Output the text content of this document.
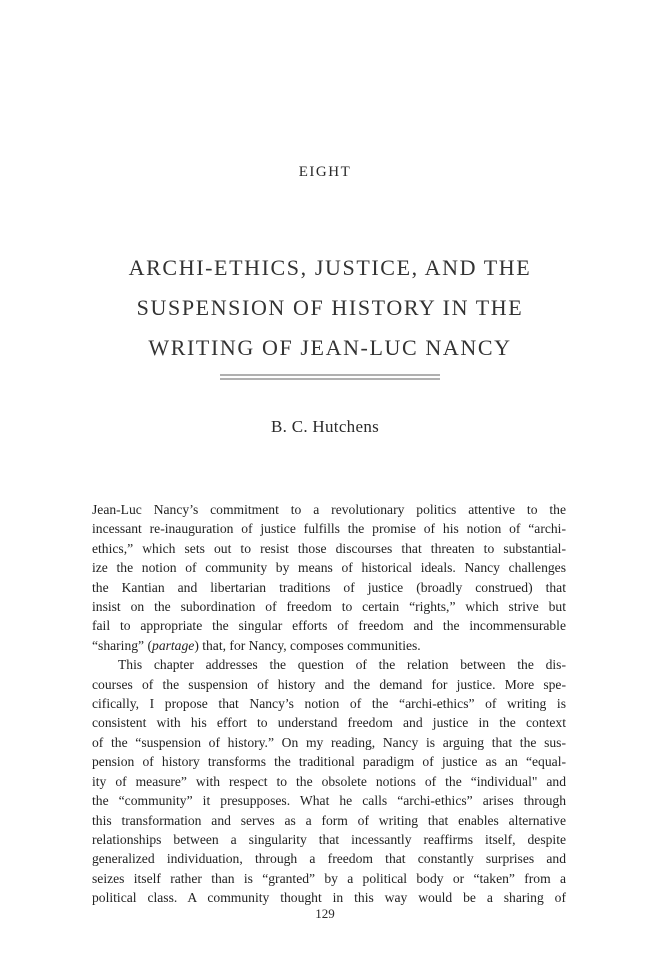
EIGHT
ARCHI-ETHICS, JUSTICE, AND THE
SUSPENSION OF HISTORY IN THE
WRITING OF JEAN-LUC NANCY
B. C. Hutchens
Jean-Luc Nancy’s commitment to a revolutionary politics attentive to the
incessant re-inauguration of justice fulfills the promise of his notion of “archi-
ethics,” which sets out to resist those discourses that threaten to substantial-
ize the notion of community by means of historical ideals. Nancy challenges
the Kantian and libertarian traditions of justice (broadly construed) that
insist on the subordination of freedom to certain “rights,” which strive but
fail to appropriate the singular efforts of freedom and the incommensurable
“sharing” (partage) that, for Nancy, composes communities.
This chapter addresses the question of the relation between the dis-
courses of the suspension of history and the demand for justice. More spe-
cifically, I propose that Nancy’s notion of the “archi-ethics” of writing is
consistent with his effort to understand freedom and justice in the context
of the “suspension of history.” On my reading, Nancy is arguing that the sus-
pension of history transforms the traditional paradigm of justice as an “equal-
ity of measure” with respect to the obsolete notions of the “individual" and
the “community” it presupposes. What he calls “archi-ethics” arises through
this transformation and serves as a form of writing that enables alternative
relationships between a singularity that incessantly reaffirms itself, despite
generalized individuation, through a freedom that constantly surprises and
seizes itself rather than is “granted” by a political body or “taken” from a
political class. A community thought in this way would be a sharing of
129
